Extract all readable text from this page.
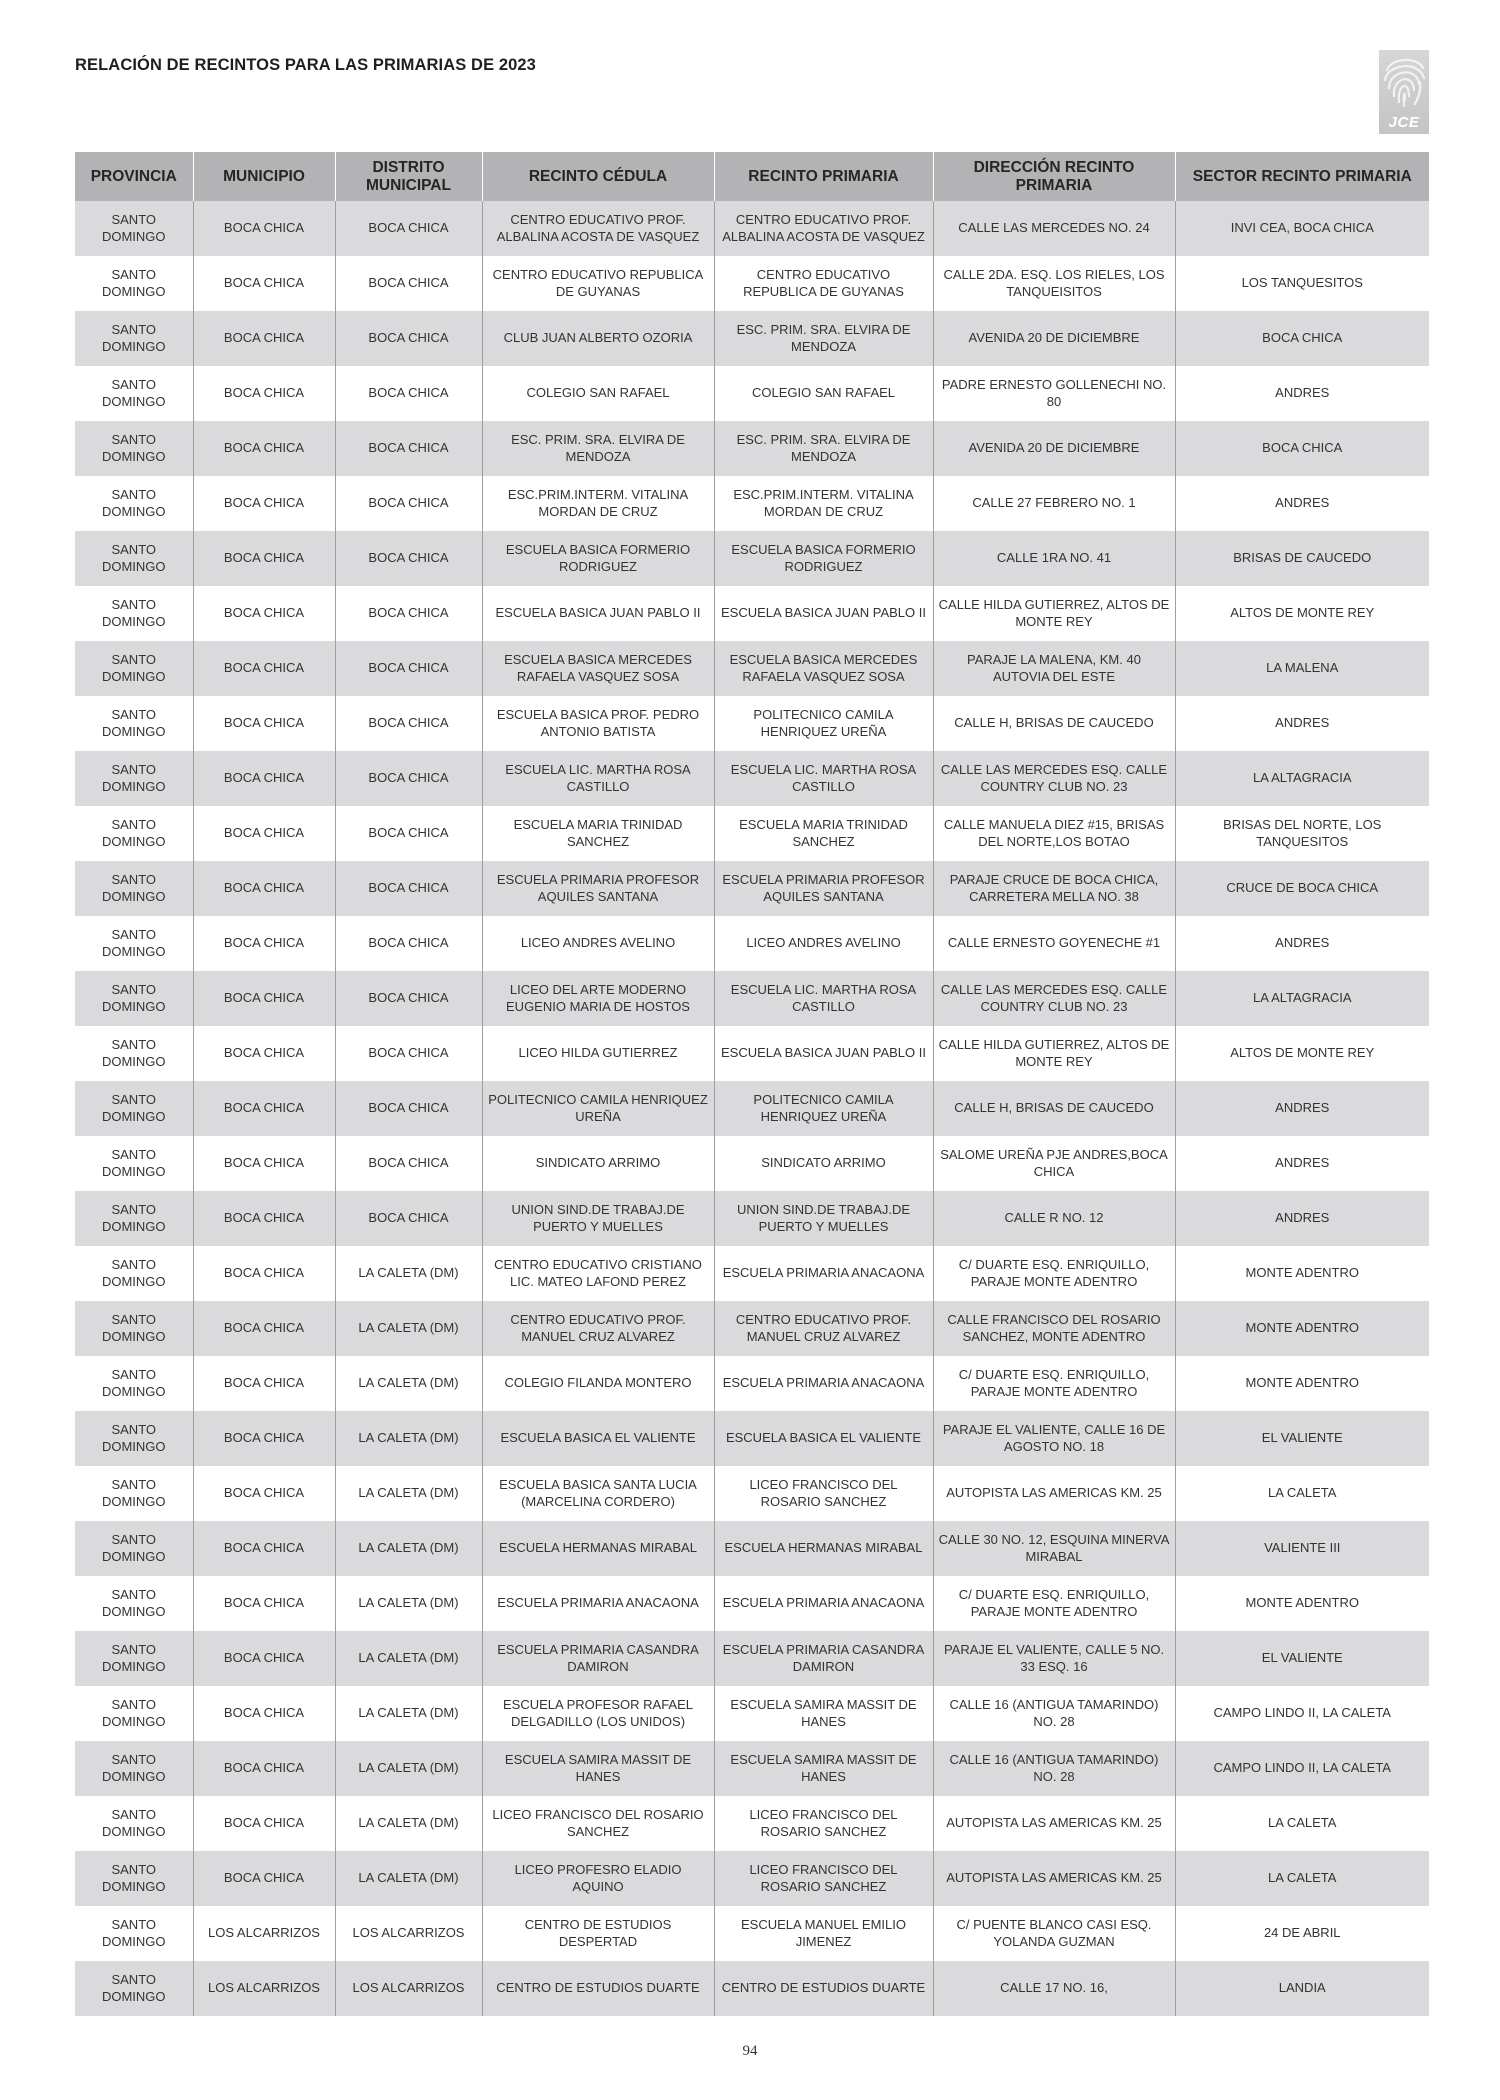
RELACIÓN DE RECINTOS PARA LAS PRIMARIAS DE 2023
JCE
PROVINCIA	MUNICIPIO	DISTRITO MUNICIPAL	RECINTO CÉDULA	RECINTO PRIMARIA	DIRECCIÓN RECINTO PRIMARIA	SECTOR RECINTO PRIMARIA
SANTO DOMINGO	BOCA CHICA	BOCA CHICA	CENTRO EDUCATIVO PROF. ALBALINA ACOSTA DE VASQUEZ	CENTRO EDUCATIVO PROF. ALBALINA ACOSTA DE VASQUEZ	CALLE LAS MERCEDES NO. 24	INVI CEA, BOCA CHICA
SANTO DOMINGO	BOCA CHICA	BOCA CHICA	CENTRO EDUCATIVO REPUBLICA DE GUYANAS	CENTRO EDUCATIVO REPUBLICA DE GUYANAS	CALLE 2DA. ESQ. LOS RIELES, LOS TANQUEISITOS	LOS TANQUESITOS
SANTO DOMINGO	BOCA CHICA	BOCA CHICA	CLUB JUAN ALBERTO OZORIA	ESC. PRIM. SRA. ELVIRA DE MENDOZA	AVENIDA 20 DE DICIEMBRE	BOCA CHICA
SANTO DOMINGO	BOCA CHICA	BOCA CHICA	COLEGIO SAN RAFAEL	COLEGIO SAN RAFAEL	PADRE ERNESTO GOLLENECHI NO. 80	ANDRES
SANTO DOMINGO	BOCA CHICA	BOCA CHICA	ESC. PRIM. SRA. ELVIRA DE MENDOZA	ESC. PRIM. SRA. ELVIRA DE MENDOZA	AVENIDA 20 DE DICIEMBRE	BOCA CHICA
SANTO DOMINGO	BOCA CHICA	BOCA CHICA	ESC.PRIM.INTERM. VITALINA MORDAN DE CRUZ	ESC.PRIM.INTERM. VITALINA MORDAN DE CRUZ	CALLE 27 FEBRERO NO. 1	ANDRES
SANTO DOMINGO	BOCA CHICA	BOCA CHICA	ESCUELA BASICA FORMERIO RODRIGUEZ	ESCUELA BASICA FORMERIO RODRIGUEZ	CALLE 1RA NO. 41	BRISAS DE CAUCEDO
SANTO DOMINGO	BOCA CHICA	BOCA CHICA	ESCUELA BASICA JUAN PABLO II	ESCUELA BASICA JUAN PABLO II	CALLE HILDA GUTIERREZ, ALTOS DE MONTE REY	ALTOS DE MONTE REY
SANTO DOMINGO	BOCA CHICA	BOCA CHICA	ESCUELA BASICA MERCEDES RAFAELA VASQUEZ SOSA	ESCUELA BASICA MERCEDES RAFAELA VASQUEZ SOSA	PARAJE LA MALENA, KM. 40 AUTOVIA DEL ESTE	LA MALENA
SANTO DOMINGO	BOCA CHICA	BOCA CHICA	ESCUELA BASICA PROF. PEDRO ANTONIO BATISTA	POLITECNICO CAMILA HENRIQUEZ UREÑA	CALLE H, BRISAS DE CAUCEDO	ANDRES
SANTO DOMINGO	BOCA CHICA	BOCA CHICA	ESCUELA LIC. MARTHA ROSA CASTILLO	ESCUELA LIC. MARTHA ROSA CASTILLO	CALLE LAS MERCEDES ESQ. CALLE COUNTRY CLUB NO. 23	LA ALTAGRACIA
SANTO DOMINGO	BOCA CHICA	BOCA CHICA	ESCUELA MARIA TRINIDAD SANCHEZ	ESCUELA MARIA TRINIDAD SANCHEZ	CALLE MANUELA DIEZ #15, BRISAS DEL NORTE,LOS BOTAO	BRISAS DEL NORTE, LOS TANQUESITOS
SANTO DOMINGO	BOCA CHICA	BOCA CHICA	ESCUELA PRIMARIA PROFESOR AQUILES SANTANA	ESCUELA PRIMARIA PROFESOR AQUILES SANTANA	PARAJE CRUCE DE BOCA CHICA, CARRETERA MELLA NO. 38	CRUCE DE BOCA CHICA
SANTO DOMINGO	BOCA CHICA	BOCA CHICA	LICEO ANDRES AVELINO	LICEO ANDRES AVELINO	CALLE ERNESTO GOYENECHE #1	ANDRES
SANTO DOMINGO	BOCA CHICA	BOCA CHICA	LICEO DEL ARTE MODERNO EUGENIO MARIA DE HOSTOS	ESCUELA LIC. MARTHA ROSA CASTILLO	CALLE LAS MERCEDES ESQ. CALLE COUNTRY CLUB NO. 23	LA ALTAGRACIA
SANTO DOMINGO	BOCA CHICA	BOCA CHICA	LICEO HILDA GUTIERREZ	ESCUELA BASICA JUAN PABLO II	CALLE HILDA GUTIERREZ, ALTOS DE MONTE REY	ALTOS DE MONTE REY
SANTO DOMINGO	BOCA CHICA	BOCA CHICA	POLITECNICO CAMILA HENRIQUEZ UREÑA	POLITECNICO CAMILA HENRIQUEZ UREÑA	CALLE H, BRISAS DE CAUCEDO	ANDRES
SANTO DOMINGO	BOCA CHICA	BOCA CHICA	SINDICATO ARRIMO	SINDICATO ARRIMO	SALOME UREÑA PJE ANDRES,BOCA CHICA	ANDRES
SANTO DOMINGO	BOCA CHICA	BOCA CHICA	UNION SIND.DE TRABAJ.DE PUERTO Y MUELLES	UNION SIND.DE TRABAJ.DE PUERTO Y MUELLES	CALLE R NO. 12	ANDRES
SANTO DOMINGO	BOCA CHICA	LA CALETA (DM)	CENTRO EDUCATIVO CRISTIANO LIC. MATEO LAFOND PEREZ	ESCUELA PRIMARIA ANACAONA	C/ DUARTE ESQ. ENRIQUILLO, PARAJE MONTE ADENTRO	MONTE ADENTRO
SANTO DOMINGO	BOCA CHICA	LA CALETA (DM)	CENTRO EDUCATIVO PROF. MANUEL CRUZ ALVAREZ	CENTRO EDUCATIVO PROF. MANUEL CRUZ ALVAREZ	CALLE FRANCISCO DEL ROSARIO SANCHEZ, MONTE ADENTRO	MONTE ADENTRO
SANTO DOMINGO	BOCA CHICA	LA CALETA (DM)	COLEGIO FILANDA MONTERO	ESCUELA PRIMARIA ANACAONA	C/ DUARTE ESQ. ENRIQUILLO, PARAJE MONTE ADENTRO	MONTE ADENTRO
SANTO DOMINGO	BOCA CHICA	LA CALETA (DM)	ESCUELA BASICA EL VALIENTE	ESCUELA BASICA EL VALIENTE	PARAJE EL VALIENTE, CALLE 16 DE AGOSTO NO. 18	EL VALIENTE
SANTO DOMINGO	BOCA CHICA	LA CALETA (DM)	ESCUELA BASICA SANTA LUCIA (MARCELINA CORDERO)	LICEO FRANCISCO DEL ROSARIO SANCHEZ	AUTOPISTA LAS AMERICAS KM. 25	LA CALETA
SANTO DOMINGO	BOCA CHICA	LA CALETA (DM)	ESCUELA HERMANAS MIRABAL	ESCUELA HERMANAS MIRABAL	CALLE 30 NO. 12, ESQUINA MINERVA MIRABAL	VALIENTE III
SANTO DOMINGO	BOCA CHICA	LA CALETA (DM)	ESCUELA PRIMARIA ANACAONA	ESCUELA PRIMARIA ANACAONA	C/ DUARTE ESQ. ENRIQUILLO, PARAJE MONTE ADENTRO	MONTE ADENTRO
SANTO DOMINGO	BOCA CHICA	LA CALETA (DM)	ESCUELA PRIMARIA CASANDRA DAMIRON	ESCUELA PRIMARIA CASANDRA DAMIRON	PARAJE EL VALIENTE, CALLE 5 NO. 33 ESQ. 16	EL VALIENTE
SANTO DOMINGO	BOCA CHICA	LA CALETA (DM)	ESCUELA PROFESOR RAFAEL DELGADILLO (LOS UNIDOS)	ESCUELA SAMIRA MASSIT DE HANES	CALLE 16 (ANTIGUA TAMARINDO) NO. 28	CAMPO LINDO II, LA CALETA
SANTO DOMINGO	BOCA CHICA	LA CALETA (DM)	ESCUELA SAMIRA MASSIT DE HANES	ESCUELA SAMIRA MASSIT DE HANES	CALLE 16 (ANTIGUA TAMARINDO) NO. 28	CAMPO LINDO II, LA CALETA
SANTO DOMINGO	BOCA CHICA	LA CALETA (DM)	LICEO FRANCISCO DEL ROSARIO SANCHEZ	LICEO FRANCISCO DEL ROSARIO SANCHEZ	AUTOPISTA LAS AMERICAS KM. 25	LA CALETA
SANTO DOMINGO	BOCA CHICA	LA CALETA (DM)	LICEO PROFESRO ELADIO AQUINO	LICEO FRANCISCO DEL ROSARIO SANCHEZ	AUTOPISTA LAS AMERICAS KM. 25	LA CALETA
SANTO DOMINGO	LOS ALCARRIZOS	LOS ALCARRIZOS	CENTRO DE ESTUDIOS DESPERTAD	ESCUELA MANUEL EMILIO JIMENEZ	C/ PUENTE BLANCO CASI ESQ. YOLANDA GUZMAN	24 DE ABRIL
SANTO DOMINGO	LOS ALCARRIZOS	LOS ALCARRIZOS	CENTRO DE ESTUDIOS DUARTE	CENTRO DE ESTUDIOS DUARTE	CALLE 17 NO. 16,	LANDIA
94
